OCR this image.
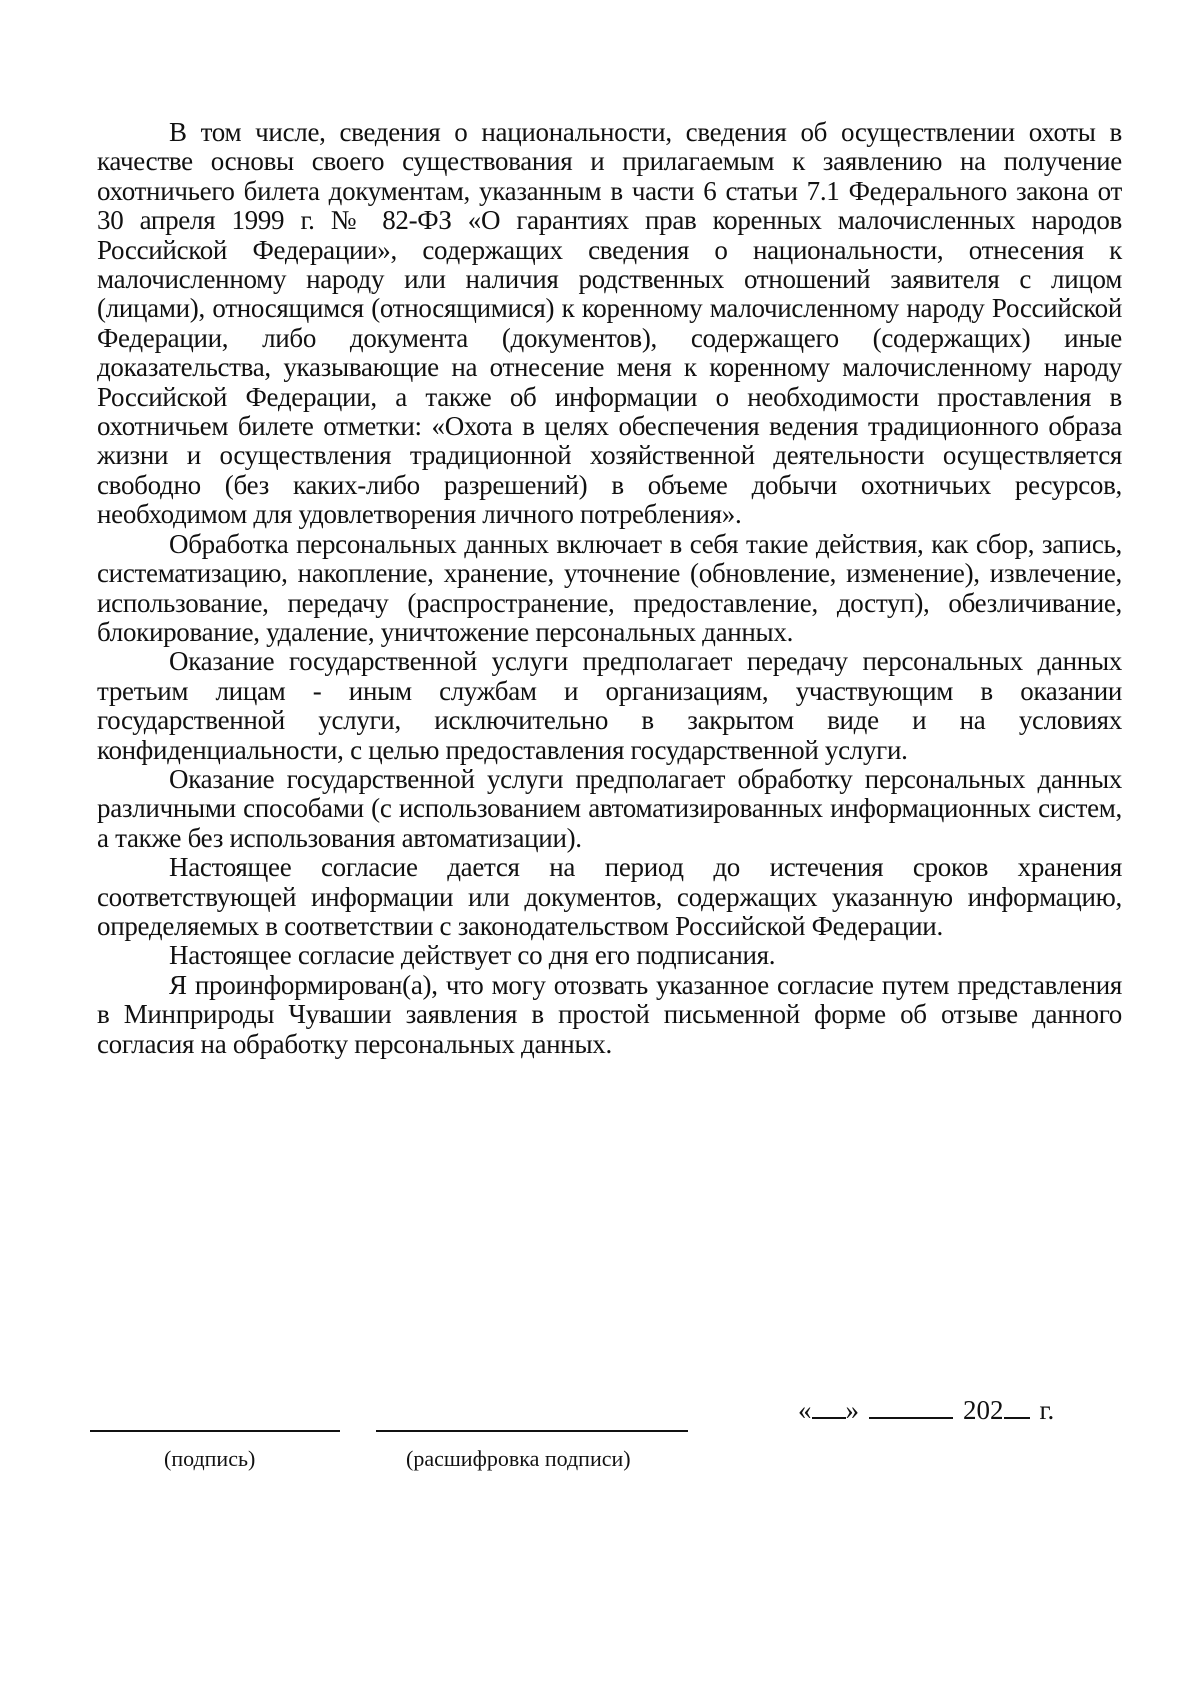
В том числе, сведения о национальности, сведения об осуществлении охоты в качестве основы своего существования и прилагаемым к заявлению на получение охотничьего билета документам, указанным в части 6 статьи 7.1 Федерального закона от 30 апреля 1999 г. № 82-ФЗ «О гарантиях прав коренных малочисленных народов Российской Федерации», содержащих сведения о национальности, отнесения к малочисленному народу или наличия родственных отношений заявителя с лицом (лицами), относящимся (относящимися) к коренному малочисленному народу Российской Федерации, либо документа (документов), содержащего (содержащих) иные доказательства, указывающие на отнесение меня к коренному малочисленному народу Российской Федерации, а также об информации о необходимости проставления в охотничьем билете отметки: «Охота в целях обеспечения ведения традиционного образа жизни и осуществления традиционной хозяйственной деятельности осуществляется свободно (без каких-либо разрешений) в объеме добычи охотничьих ресурсов, необходимом для удовлетворения личного потребления».

Обработка персональных данных включает в себя такие действия, как сбор, запись, систематизацию, накопление, хранение, уточнение (обновление, изменение), извлечение, использование, передачу (распространение, предоставление, доступ), обезличивание, блокирование, удаление, уничтожение персональных данных.

Оказание государственной услуги предполагает передачу персональных данных третьим лицам - иным службам и организациям, участвующим в оказании государственной услуги, исключительно в закрытом виде и на условиях конфиденциальности, с целью предоставления государственной услуги.

Оказание государственной услуги предполагает обработку персональных данных различными способами (с использованием автоматизированных информационных систем, а также без использования автоматизации).

Настоящее согласие дается на период до истечения сроков хранения соответствующей информации или документов, содержащих указанную информацию, определяемых в соответствии с законодательством Российской Федерации.

Настоящее согласие действует со дня его подписания.

Я проинформирован(а), что могу отозвать указанное согласие путем представления в Минприроды Чувашии заявления в простой письменной форме об отзыве данного согласия на обработку персональных данных.

« »	202 г.
(подпись)	(расшифровка подписи)
